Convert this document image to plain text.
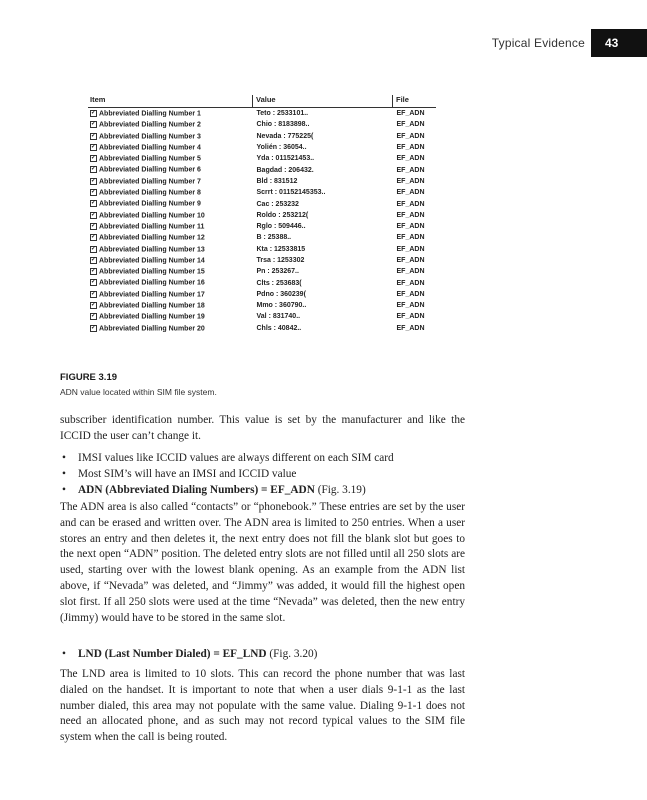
Typical Evidence	43
Item	Value	File
✓ Abbreviated Dialling Number 1	Teto : 2533101..	EF_ADN
✓ Abbreviated Dialling Number 2	Chio : 8183898..	EF_ADN
✓ Abbreviated Dialling Number 3	Nevada : 775225(	EF_ADN
✓ Abbreviated Dialling Number 4	Yolién : 36054..	EF_ADN
✓ Abbreviated Dialling Number 5	Yda : 011521453..	EF_ADN
✓ Abbreviated Dialling Number 6	Bagdad : 206432.	EF_ADN
✓ Abbreviated Dialling Number 7	Bld : 831512	EF_ADN
✓ Abbreviated Dialling Number 8	Scrrt : 01152145353..	EF_ADN
✓ Abbreviated Dialling Number 9	Cac : 253232	EF_ADN
✓ Abbreviated Dialling Number 10	Roldo : 253212(	EF_ADN
✓ Abbreviated Dialling Number 11	Rglo : 509446..	EF_ADN
✓ Abbreviated Dialling Number 12	B : 25388..	EF_ADN
✓ Abbreviated Dialling Number 13	Kta : 12533815	EF_ADN
✓ Abbreviated Dialling Number 14	Trsa : 1253302	EF_ADN
✓ Abbreviated Dialling Number 15	Pn : 253267..	EF_ADN
✓ Abbreviated Dialling Number 16	Clts : 253683(	EF_ADN
✓ Abbreviated Dialling Number 17	Pdno : 360239(	EF_ADN
✓ Abbreviated Dialling Number 18	Mmo : 360790..	EF_ADN
✓ Abbreviated Dialling Number 19	Val : 831740..	EF_ADN
✓ Abbreviated Dialling Number 20	Chls : 40842..	EF_ADN
FIGURE 3.19
ADN value located within SIM file system.
subscriber identification number. This value is set by the manufacturer and like the ICCID the user can’t change it.
• IMSI values like ICCID values are always different on each SIM card
• Most SIM’s will have an IMSI and ICCID value
• ADN (Abbreviated Dialing Numbers) = EF_ADN (Fig. 3.19)
The ADN area is also called “contacts” or “phonebook.” These entries are set by the user and can be erased and written over. The ADN area is limited to 250 entries. When a user stores an entry and then deletes it, the next entry does not fill the blank slot but goes to the next open “ADN” position. The deleted entry slots are not filled until all 250 slots are used, starting over with the lowest blank opening. As an example from the ADN list above, if “Nevada” was deleted, and “Jimmy” was added, it would fill the highest open slot first. If all 250 slots were used at the time “Nevada” was deleted, then the new entry (Jimmy) would have to be stored in the same slot.
• LND (Last Number Dialed) = EF_LND (Fig. 3.20)
The LND area is limited to 10 slots. This can record the phone number that was last dialed on the handset. It is important to note that when a user dials 9-1-1 as the last number dialed, this area may not populate with the same value. Dialing 9-1-1 does not need an allocated phone, and as such may not record typical values to the SIM file system when the call is being routed.
